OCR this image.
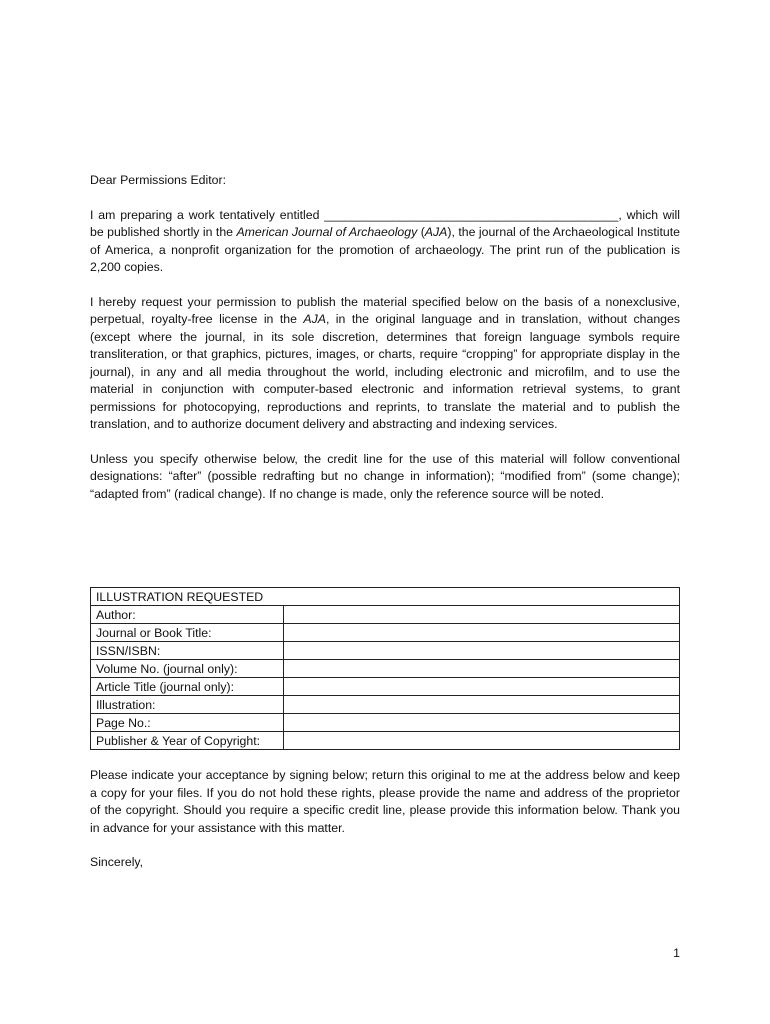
Dear Permissions Editor:

I am preparing a work tentatively entitled ___________________________________________, which will be published shortly in the American Journal of Archaeology (AJA), the journal of the Archaeological Institute of America, a nonprofit organization for the promotion of archaeology. The print run of the publication is 2,200 copies.

I hereby request your permission to publish the material specified below on the basis of a nonexclusive, perpetual, royalty-free license in the AJA, in the original language and in translation, without changes (except where the journal, in its sole discretion, determines that foreign language symbols require transliteration, or that graphics, pictures, images, or charts, require “cropping” for appropriate display in the journal), in any and all media throughout the world, including electronic and microfilm, and to use the material in conjunction with computer-based electronic and information retrieval systems, to grant permissions for photocopying, reproductions and reprints, to translate the material and to publish the translation, and to authorize document delivery and abstracting and indexing services.

Unless you specify otherwise below, the credit line for the use of this material will follow conventional designations: “after” (possible redrafting but no change in information); “modified from” (some change); “adapted from” (radical change). If no change is made, only the reference source will be noted.

ILLUSTRATION REQUESTED	
Author:	
Journal or Book Title:	
ISSN/ISBN:	
Volume No. (journal only):	
Article Title (journal only):	
Illustration:	
Page No.:	
Publisher & Year of Copyright:	

Please indicate your acceptance by signing below; return this original to me at the address below and keep a copy for your files. If you do not hold these rights, please provide the name and address of the proprietor of the copyright. Should you require a specific credit line, please provide this information below. Thank you in advance for your assistance with this matter.

Sincerely,

1
